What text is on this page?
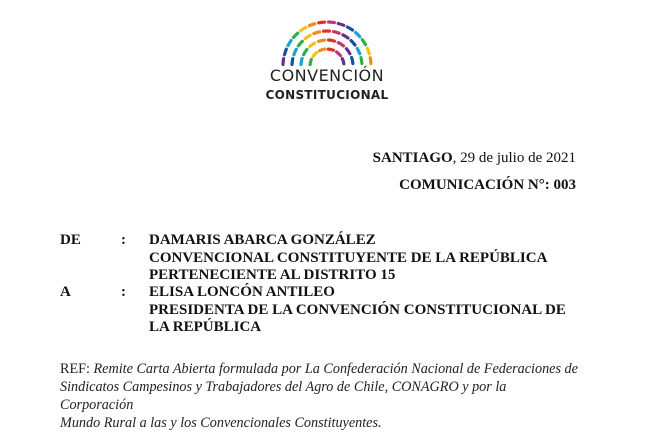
CONVENCIÓN
CONSTITUCIONAL
SANTIAGO, 29 de julio de 2021
COMUNICACIÓN N°: 003
DE	: DAMARIS ABARCA GONZÁLEZ
CONVENCIONAL CONSTITUYENTE DE LA REPÚBLICA
PERTENECIENTE AL DISTRITO 15
A	: ELISA LONCÓN ANTILEO
PRESIDENTA DE LA CONVENCIÓN CONSTITUCIONAL DE
LA REPÚBLICA
REF: Remite Carta Abierta formulada por La Confederación Nacional de Federaciones de
Sindicatos Campesinos y Trabajadores del Agro de Chile, CONAGRO y por la Corporación
Mundo Rural a las y los Convencionales Constituyentes.
